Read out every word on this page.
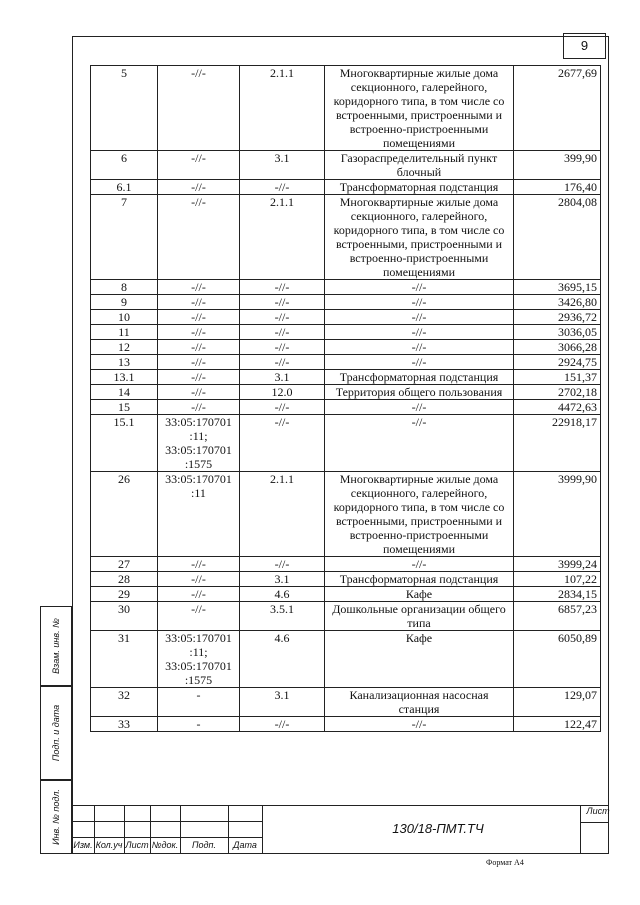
9
5	-//-	2.1.1	Многоквартирные жилые дома секционного, галерейного, коридорного типа, в том числе со встроенными, пристроенными и встроенно-пристроенными помещениями	2677,69
6	-//-	3.1	Газораспределительный пункт блочный	399,90
6.1	-//-	-//-	Трансформаторная подстанция	176,40
7	-//-	2.1.1	Многоквартирные жилые дома секционного, галерейного, коридорного типа, в том числе со встроенными, пристроенными и встроенно-пристроенными помещениями	2804,08
8	-//-	-//-	-//-	3695,15
9	-//-	-//-	-//-	3426,80
10	-//-	-//-	-//-	2936,72
11	-//-	-//-	-//-	3036,05
12	-//-	-//-	-//-	3066,28
13	-//-	-//-	-//-	2924,75
13.1	-//-	3.1	Трансформаторная подстанция	151,37
14	-//-	12.0	Территория общего пользования	2702,18
15	-//-	-//-	-//-	4472,63
15.1	33:05:170701 :11; 33:05:170701 :1575	-//-	-//-	22918,17
26	33:05:170701 :11	2.1.1	Многоквартирные жилые дома секционного, галерейного, коридорного типа, в том числе со встроенными, пристроенными и встроенно-пристроенными помещениями	3999,90
27	-//-	-//-	-//-	3999,24
28	-//-	3.1	Трансформаторная подстанция	107,22
29	-//-	4.6	Кафе	2834,15
30	-//-	3.5.1	Дошкольные организации общего типа	6857,23
31	33:05:170701 :11; 33:05:170701 :1575	4.6	Кафе	6050,89
32	-	3.1	Канализационная насосная станция	129,07
33	-	-//-	-//-	122,47
Взам. инв. №
Подп. и дата
Инв. № подл.
Изм. Кол.уч Лист №док.	Подп.	Дата
130/18-ПМТ.ТЧ
Лист
Формат А4
